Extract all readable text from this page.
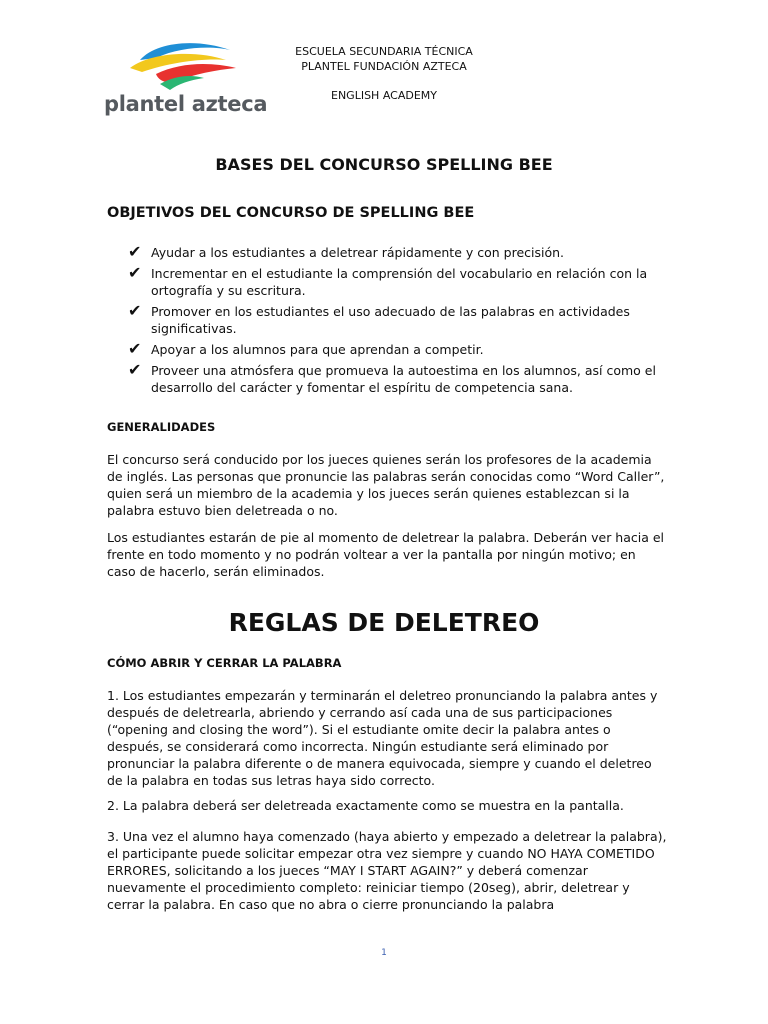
plantel azteca
ESCUELA SECUNDARIA TÉCNICA
PLANTEL FUNDACIÓN AZTECA
ENGLISH ACADEMY
BASES DEL CONCURSO SPELLING BEE
OBJETIVOS DEL CONCURSO DE SPELLING BEE
✔ Ayudar a los estudiantes a deletrear rápidamente y con precisión.
✔ Incrementar en el estudiante la comprensión del vocabulario en relación con la ortografía y su escritura.
✔ Promover en los estudiantes el uso adecuado de las palabras en actividades significativas.
✔ Apoyar a los alumnos para que aprendan a competir.
✔ Proveer una atmósfera que promueva la autoestima en los alumnos, así como el desarrollo del carácter y fomentar el espíritu de competencia sana.
GENERALIDADES

El concurso será conducido por los jueces quienes serán los profesores de la academia de inglés. Las personas que pronuncie las palabras serán conocidas como “Word Caller”, quien será un miembro de la academia y los jueces serán quienes establezcan si la palabra estuvo bien deletreada o no.

Los estudiantes estarán de pie al momento de deletrear la palabra. Deberán ver hacia el frente en todo momento y no podrán voltear a ver la pantalla por ningún motivo; en caso de hacerlo, serán eliminados.

REGLAS DE DELETREO
CÓMO ABRIR Y CERRAR LA PALABRA

1. Los estudiantes empezarán y terminarán el deletreo pronunciando la palabra antes y después de deletrearla, abriendo y cerrando así cada una de sus participaciones (“opening and closing the word”). Si el estudiante omite decir la palabra antes o después, se considerará como incorrecta. Ningún estudiante será eliminado por pronunciar la palabra diferente o de manera equivocada, siempre y cuando el deletreo de la palabra en todas sus letras haya sido correcto.

2. La palabra deberá ser deletreada exactamente como se muestra en la pantalla.

3. Una vez el alumno haya comenzado (haya abierto y empezado a deletrear la palabra), el participante puede solicitar empezar otra vez siempre y cuando NO HAYA COMETIDO ERRORES, solicitando a los jueces “MAY I START AGAIN?” y deberá comenzar nuevamente el procedimiento completo: reiniciar tiempo (20seg), abrir, deletrear y cerrar la palabra. En caso que no abra o cierre pronunciando la palabra

1
